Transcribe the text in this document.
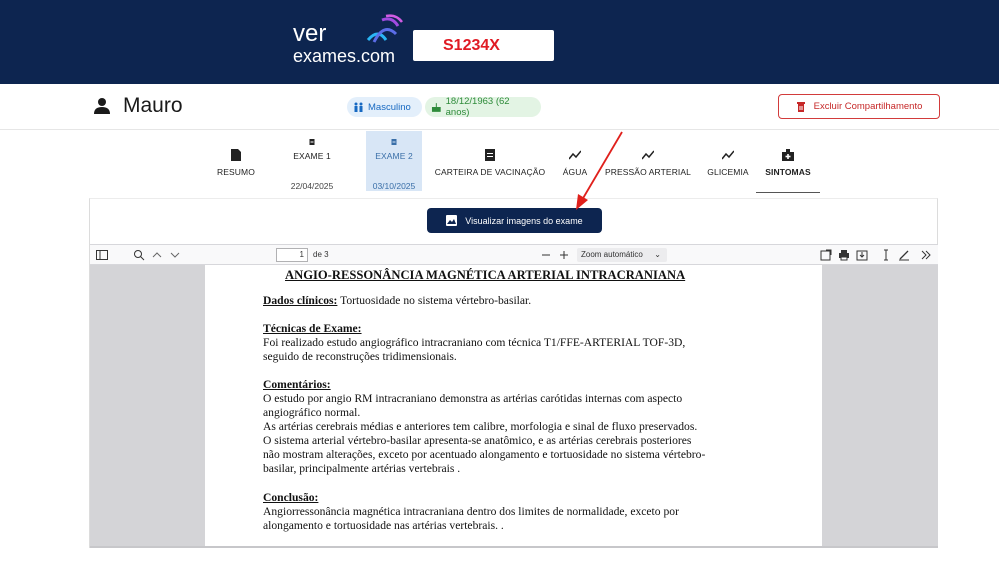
ver
exames.com
S1234X
Mauro	Masculino	18/12/1963 (62 anos)
Excluir Compartilhamento
RESUMO
EXAME 1
22/04/2025
EXAME 2
03/10/2025
CARTEIRA DE VACINAÇÃO ÁGUA PRESSÃO ARTERIAL GLICEMIA SINTOMAS
Visualizar imagens do exame
1	de 3	Zoom automático ⌄
ANGIO-RESSONÂNCIA MAGNÉTICA ARTERIAL INTRACRANIANA
Dados clínicos: Tortuosidade no sistema vértebro-basilar.
Técnicas de Exame:
Foi realizado estudo angiográfico intracraniano com técnica T1/FFE-ARTERIAL TOF-3D,
seguido de reconstruções tridimensionais.
Comentários:
O estudo por angio RM intracraniano demonstra as artérias carótidas internas com aspecto
angiográfico normal.
As artérias cerebrais médias e anteriores tem calibre, morfologia e sinal de fluxo preservados.
O sistema arterial vértebro-basilar apresenta-se anatômico, e as artérias cerebrais posteriores
não mostram alterações, exceto por acentuado alongamento e tortuosidade no sistema vértebro-
basilar, principalmente artérias vertebrais .
Conclusão:
Angiorressonância magnética intracraniana dentro dos limites de normalidade, exceto por
alongamento e tortuosidade nas artérias vertebrais. .
